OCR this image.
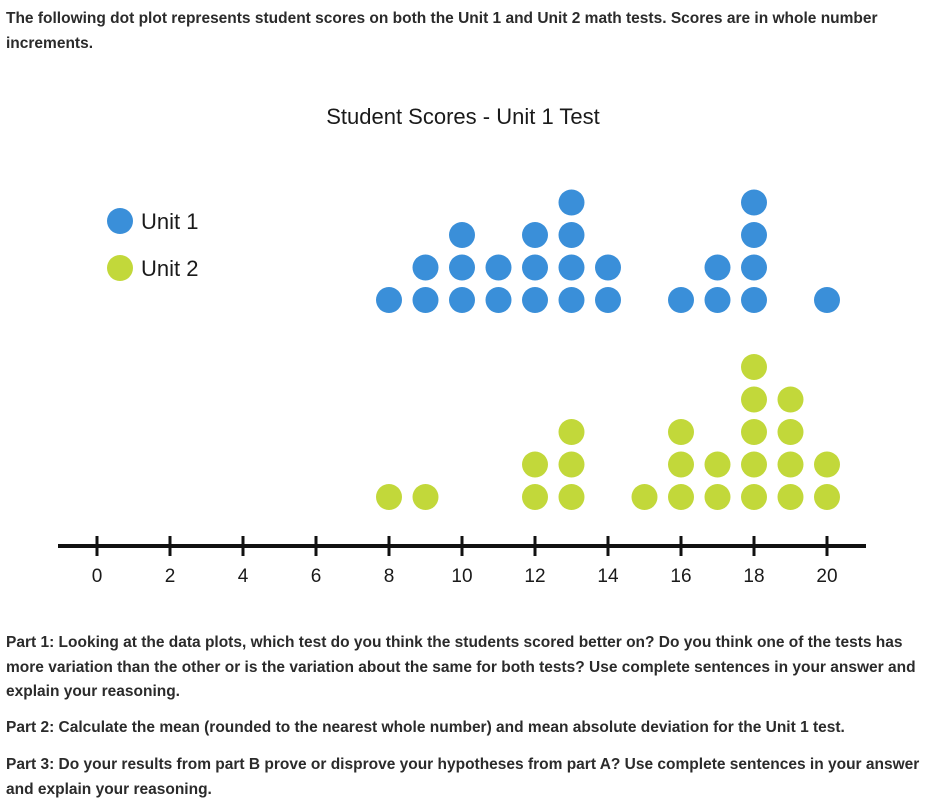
The following dot plot represents student scores on both the Unit 1 and Unit 2 math tests. Scores are in whole number increments.

Student Scores - Unit 1 Test
Unit 1
Unit 2
0	2	4	6	8	10	12	14	16	18	20

Part 1: Looking at the data plots, which test do you think the students scored better on? Do you think one of the tests has more variation than the other or is the variation about the same for both tests? Use complete sentences in your answer and explain your reasoning.

Part 2: Calculate the mean (rounded to the nearest whole number) and mean absolute deviation for the Unit 1 test.

Part 3: Do your results from part B prove or disprove your hypotheses from part A? Use complete sentences in your answer and explain your reasoning.
